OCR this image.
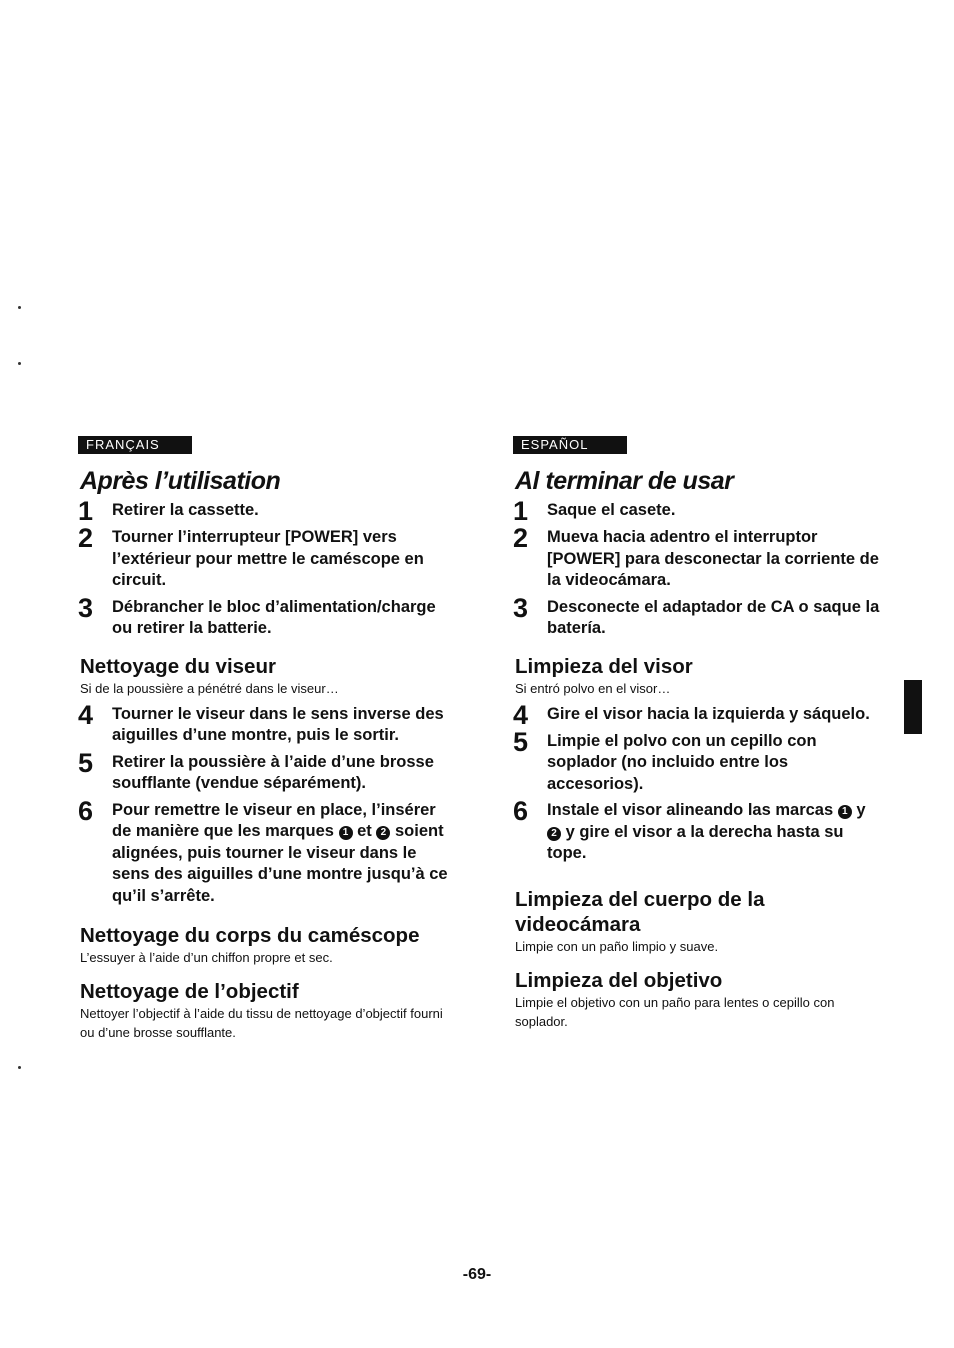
FRANÇAIS
Après l’utilisation
1	Retirer la cassette.
2	Tourner l’interrupteur [POWER] vers l’extérieur pour mettre le caméscope en circuit.
3	Débrancher le bloc d’alimentation/charge ou retirer la batterie.
Nettoyage du viseur
Si de la poussière a pénétré dans le viseur…
4	Tourner le viseur dans le sens inverse des aiguilles d’une montre, puis le sortir.
5	Retirer la poussière à l’aide d’une brosse soufflante (vendue séparément).
6	Pour remettre le viseur en place, l’insérer de manière que les marques 1 et 2 soient alignées, puis tourner le viseur dans le sens des aiguilles d’une montre jusqu’à ce qu’il s’arrête.
Nettoyage du corps du caméscope
L’essuyer à l’aide d’un chiffon propre et sec.
Nettoyage de l’objectif
Nettoyer l’objectif à l’aide du tissu de nettoyage d’objectif fourni ou d’une brosse soufflante.
ESPAÑOL
Al terminar de usar
1	Saque el casete.
2	Mueva hacia adentro el interruptor [POWER] para desconectar la corriente de la videocámara.
3	Desconecte el adaptador de CA o saque la batería.
Limpieza del visor
Si entró polvo en el visor…
4	Gire el visor hacia la izquierda y sáquelo.
5	Limpie el polvo con un cepillo con soplador (no incluido entre los accesorios).
6	Instale el visor alineando las marcas 1 y 2 y gire el visor a la derecha hasta su tope.
Limpieza del cuerpo de la videocámara
Limpie con un paño limpio y suave.
Limpieza del objetivo
Limpie el objetivo con un paño para lentes o cepillo con soplador.
-69-
